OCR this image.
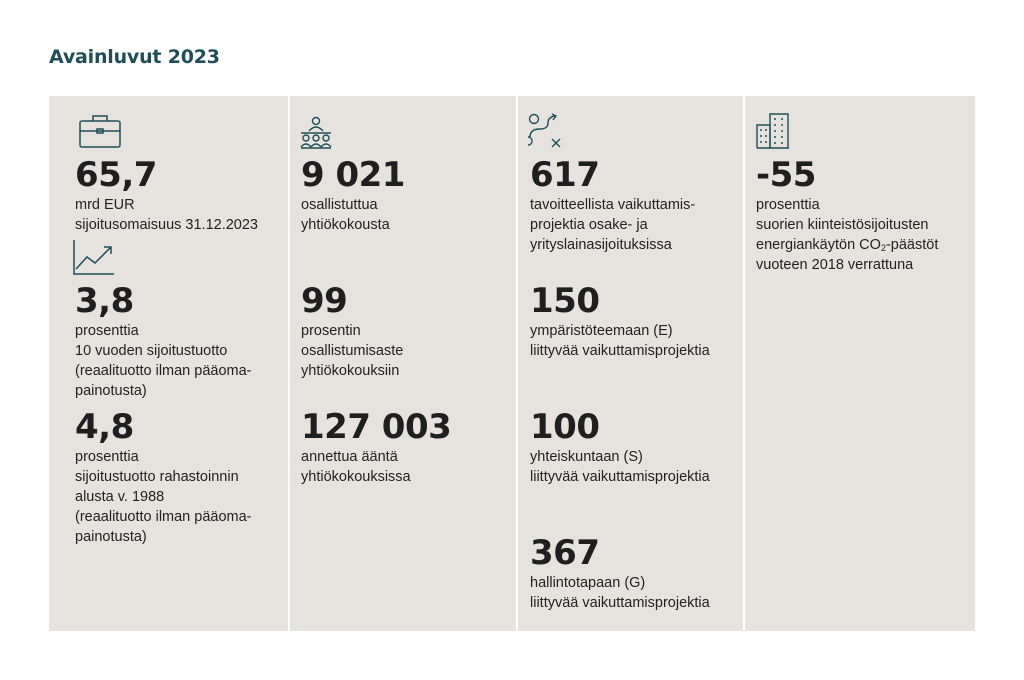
Avainluvut 2023
65,7
mrd EUR
sijoitusomaisuus 31.12.2023
3,8
prosenttia
10 vuoden sijoitustuotto
(reaalituotto ilman pääoma-
painotusta)
4,8
prosenttia
sijoitustuotto rahastoinnin
alusta v. 1988
(reaalituotto ilman pääoma-
painotusta)
9 021
osallistuttua
yhtiökokousta
99
prosentin
osallistumisaste
yhtiökokouksiin
127 003
annettua ääntä
yhtiökokouksissa
617
tavoitteellista vaikuttamis-
projektia osake- ja
yrityslainasijoituksissa
150
ympäristöteemaan (E)
liittyvää vaikuttamisprojektia
100
yhteiskuntaan (S)
liittyvää vaikuttamisprojektia
367
hallintotapaan (G)
liittyvää vaikuttamisprojektia
-55
prosenttia
suorien kiinteistösijoitusten
energiankäytön $CO_2$-päästöt
vuoteen 2018 verrattuna
